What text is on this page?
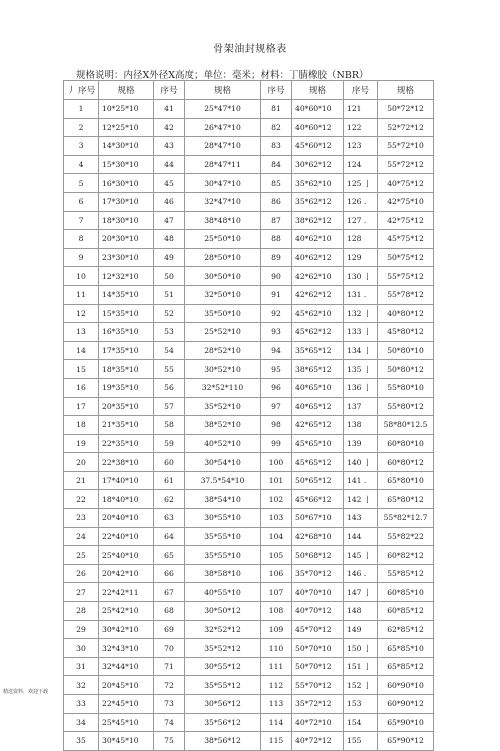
骨架油封规格表
规格说明：内径X外径X高度；单位：毫米；材料：丁腈橡胶（NBR）
丿 序号	规格	序号	规格	序号	规格	序号	规格
1	10*25*10	41	25*47*10	81	40*60*10	121	50*72*12
2	12*25*10	42	26*47*10	82	40*60*12	122	52*72*12
3	14*30*10	43	28*47*10	83	45*60*12	123	55*72*10
4	15*30*10	44	28*47*11	84	30*62*12	124	55*72*12
5	16*30*10	45	30*47*10	85	35*62*10	125 亅	40*75*12
6	17*30*10	46	32*47*10	86	35*62*12	126 .	42*75*10
7	18*30*10	47	38*48*10	87	38*62*12	127 .	42*75*12
8	20*30*10	48	25*50*10	88	40*62*10	128	45*75*12
9	23*30*10	49	28*50*10	89	40*62*12	129	50*75*12
10	12*32*10	50	30*50*10	90	42*62*10	130 亅	55*75*12
11	14*35*10	51	32*50*10	91	42*62*12	131 .	55*78*12
12	15*35*10	52	35*50*10	92	45*62*10	132 亅	40*80*12
13	16*35*10	53	25*52*10	93	45*62*12	133 亅	45*80*12
14	17*35*10	54	28*52*10	94	35*65*12	134 亅	50*80*10
15	18*35*10	55	30*52*10	95	38*65*12	135 亅	50*80*12
16	19*35*10	56	32*52*110	96	40*65*10	136 亅	55*80*10
17	20*35*10	57	35*52*10	97	40*65*12	137	55*80*12
18	21*35*10	58	38*52*10	98	42*65*12	138	58*80*12.5
19	22*35*10	59	40*52*10	99	45*65*10	139	60*80*10
20	22*38*10	60	30*54*10	100	45*65*12	140 亅	60*80*12
21	17*40*10	61	37.5*54*10	101	50*65*12	141 .	65*80*10
22	18*40*10	62	38*54*10	102	45*66*12	142 亅	65*80*12
23	20*40*10	63	30*55*10	103	50*67*10	143	55*82*12.7
24	22*40*10	64	35*55*10	104	42*68*10	144	55*82*22
25	25*40*10	65	35*55*10	105	50*68*12	145 亅	60*82*12
26	20*42*10	66	38*58*10	106	35*70*12	146 .	55*85*12
27	22*42*11	67	40*55*10	107	40*70*10	147 亅	60*85*10
28	25*42*10	68	30*50*12	108	40*70*12	148	60*85*12
29	30*42*10	69	32*52*12	109	45*70*12	149	62*85*12
30	32*43*10	70	35*52*12	110	50*70*10	150 亅	65*85*10
31	32*44*10	71	30*55*12	111	50*70*12	151 亅	65*85*12
32	20*45*10	72	35*55*12	112	55*70*12	152 亅	60*90*10
33	22*45*10	73	30*56*12	113	35*72*12	153	60*90*12
34	25*45*10	74	35*56*12	114	40*72*10	154	65*90*10
35	30*45*10	75	38*56*12	115	40*72*12	155	65*90*12
精选资料，欢迎下载
